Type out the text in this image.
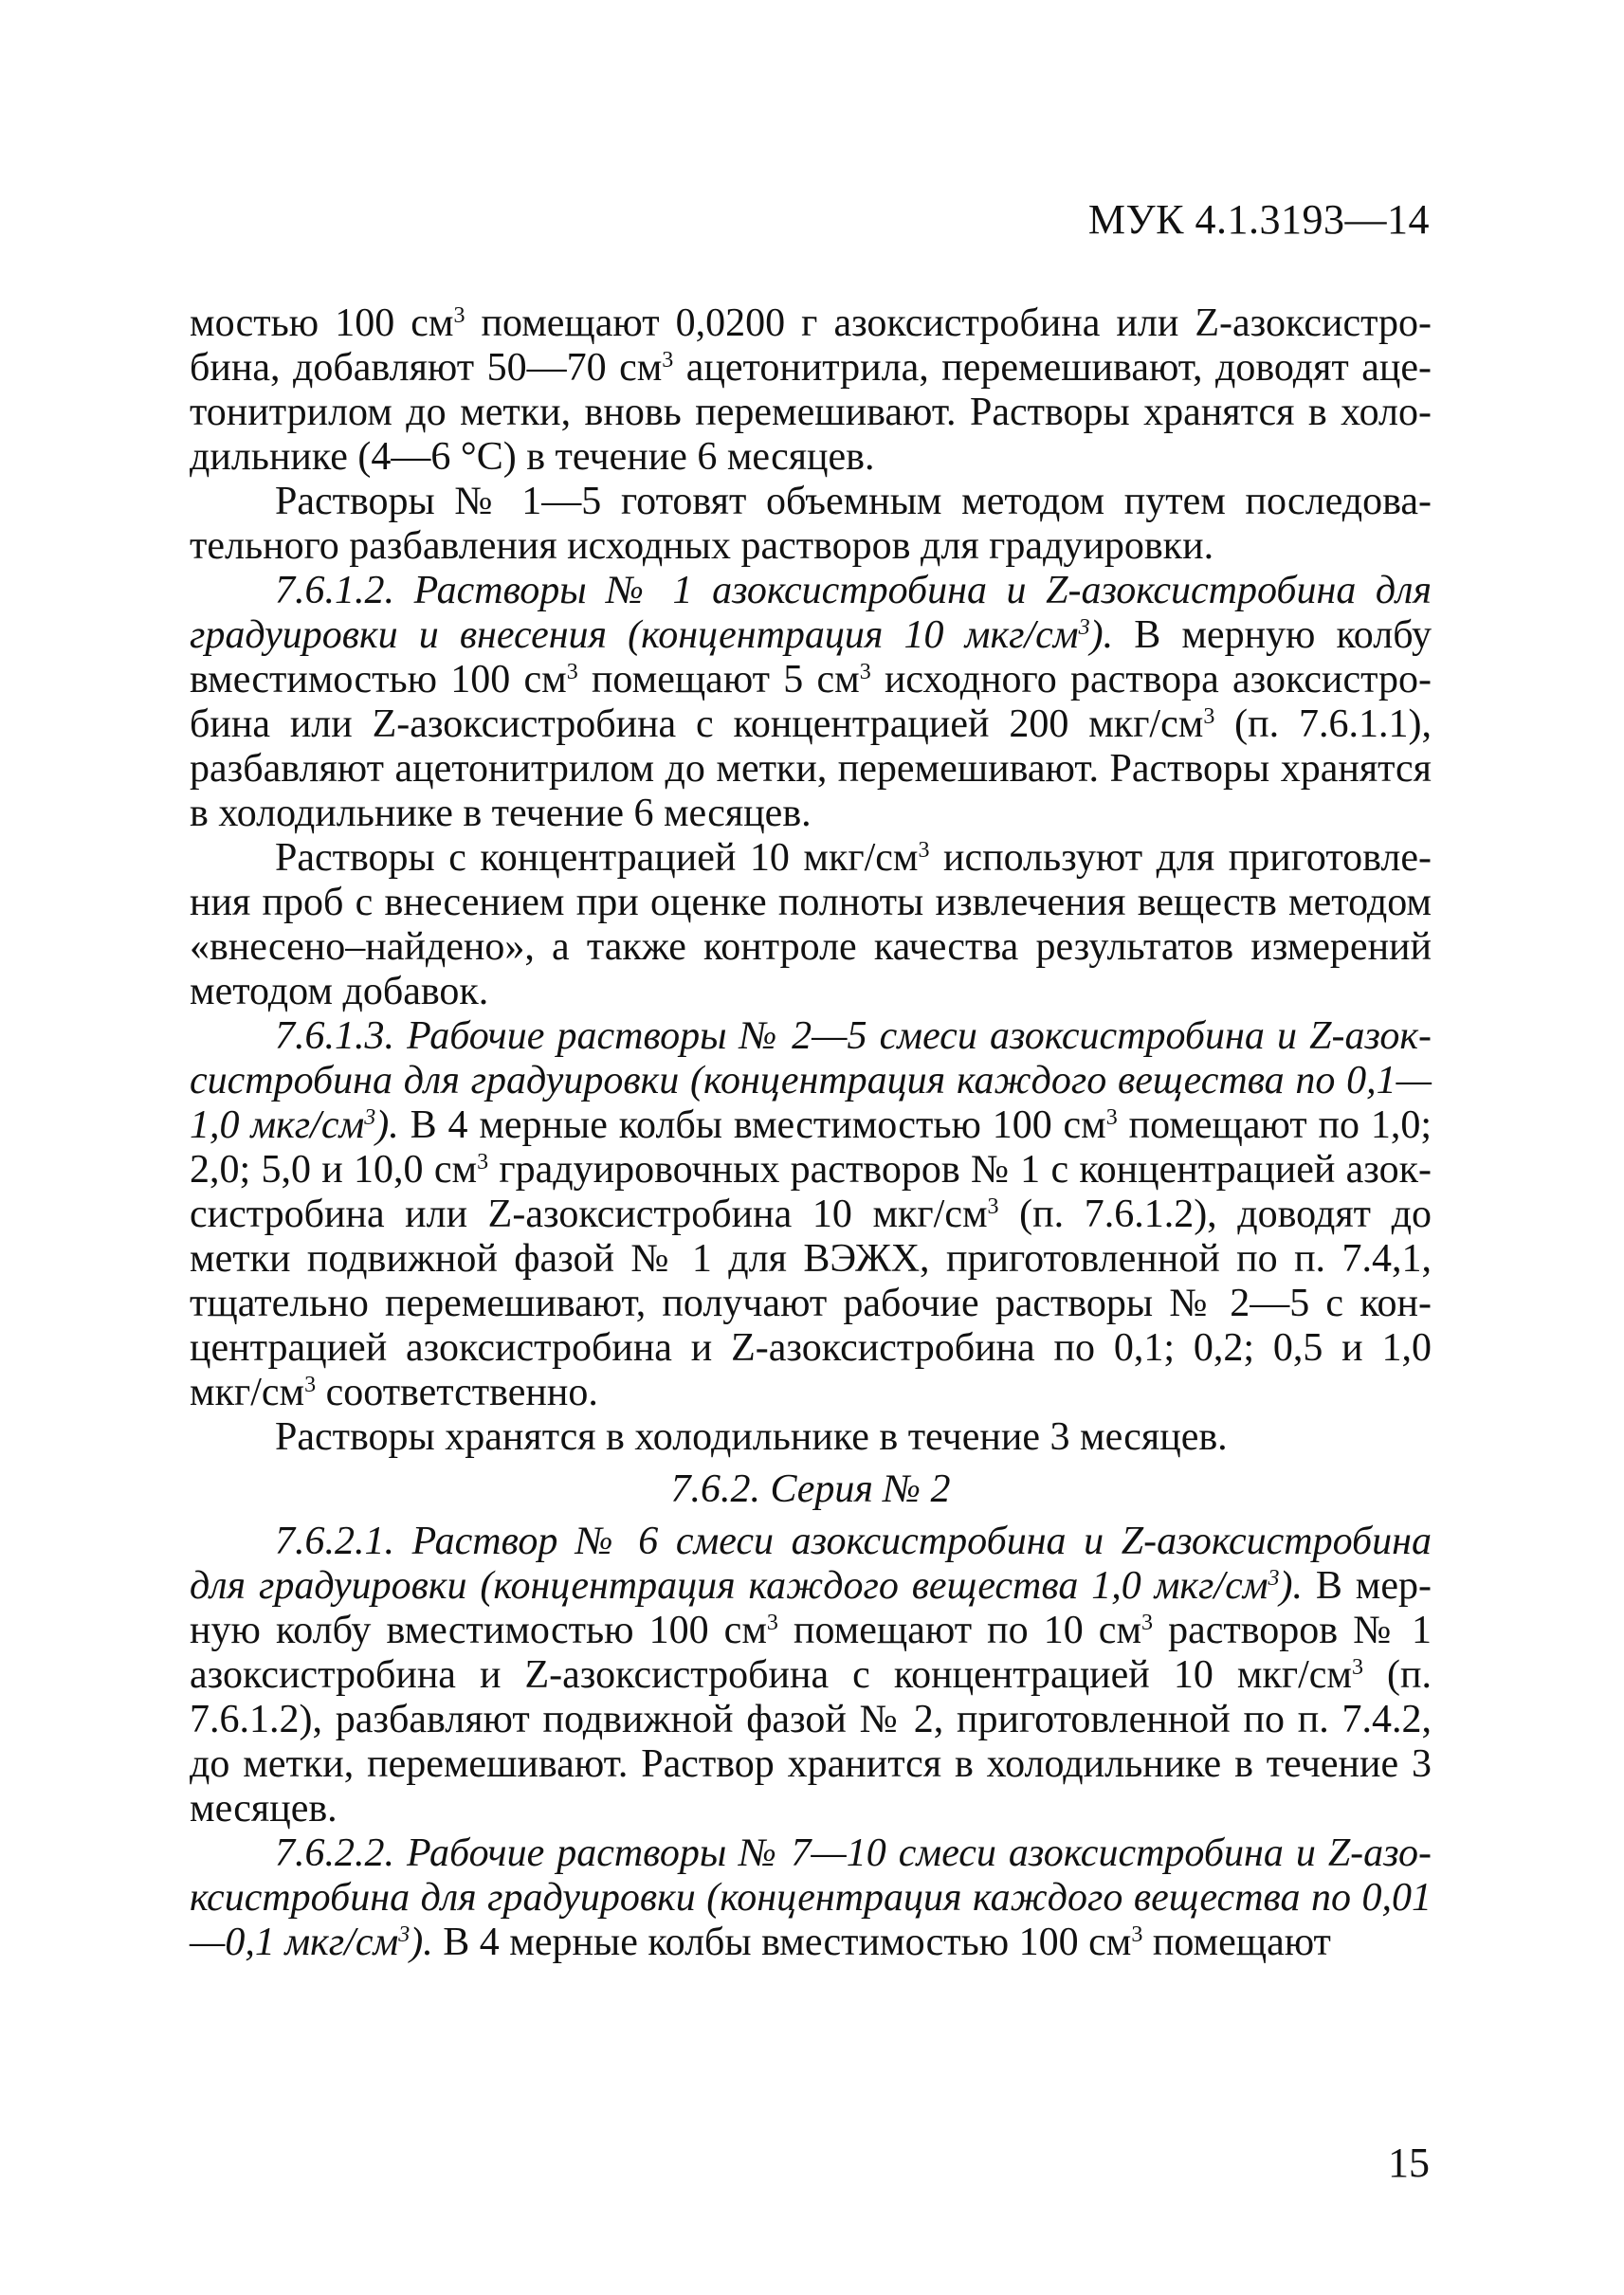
МУК 4.1.3193—14

мостью 100 $см^3$ помещают 0,0200 г азоксистробина или Z-азоксистробина, добавляют 50—70 $см^3$ ацетонитрила, перемешивают, доводят ацетонитрилом до метки, вновь перемешивают. Растворы хранятся в холодильнике (4—6 °С) в течение 6 месяцев.

Растворы № 1—5 готовят объемным методом путем последовательного разбавления исходных растворов для градуировки.

7.6.1.2. Растворы № 1 азоксистробина и Z-азоксистробина для градуировки и внесения (концентрация 10 мкг/$см^3$). В мерную колбу вместимостью 100 $см^3$ помещают 5 $см^3$ исходного раствора азоксистробина или Z-азоксистробина с концентрацией 200 мкг/$см^3$ (п. 7.6.1.1), разбавляют ацетонитрилом до метки, перемешивают. Растворы хранятся в холодильнике в течение 6 месяцев.

Растворы с концентрацией 10 мкг/$см^3$ используют для приготовления проб с внесением при оценке полноты извлечения веществ методом «внесено–найдено», а также контроле качества результатов измерений методом добавок.

7.6.1.3. Рабочие растворы № 2—5 смеси азоксистробина и Z-азоксистробина для градуировки (концентрация каждого вещества по 0,1—1,0 мкг/$см^3$). В 4 мерные колбы вместимостью 100 $см^3$ помещают по 1,0; 2,0; 5,0 и 10,0 $см^3$ градуировочных растворов № 1 с концентрацией азоксистробина или Z-азоксистробина 10 мкг/$см^3$ (п. 7.6.1.2), доводят до метки подвижной фазой № 1 для ВЭЖХ, приготовленной по п. 7.4,1, тщательно перемешивают, получают рабочие растворы № 2—5 с концентрацией азоксистробина и Z-азоксистробина по 0,1; 0,2; 0,5 и 1,0 мкг/$см^3$ соответственно.

Растворы хранятся в холодильнике в течение 3 месяцев.

7.6.2. Серия № 2

7.6.2.1. Раствор № 6 смеси азоксистробина и Z-азоксистробина для градуировки (концентрация каждого вещества 1,0 мкг/$см^3$). В мерную колбу вместимостью 100 $см^3$ помещают по 10 $см^3$ растворов № 1 азоксистробина и Z-азоксистробина с концентрацией 10 мкг/$см^3$ (п. 7.6.1.2), разбавляют подвижной фазой № 2, приготовленной по п. 7.4.2, до метки, перемешивают. Раствор хранится в холодильнике в течение 3 месяцев.

7.6.2.2. Рабочие растворы № 7—10 смеси азоксистробина и Z-азоксистробина для градуировки (концентрация каждого вещества по 0,01—0,1 мкг/$см^3$). В 4 мерные колбы вместимостью 100 $см^3$ помещают

15
